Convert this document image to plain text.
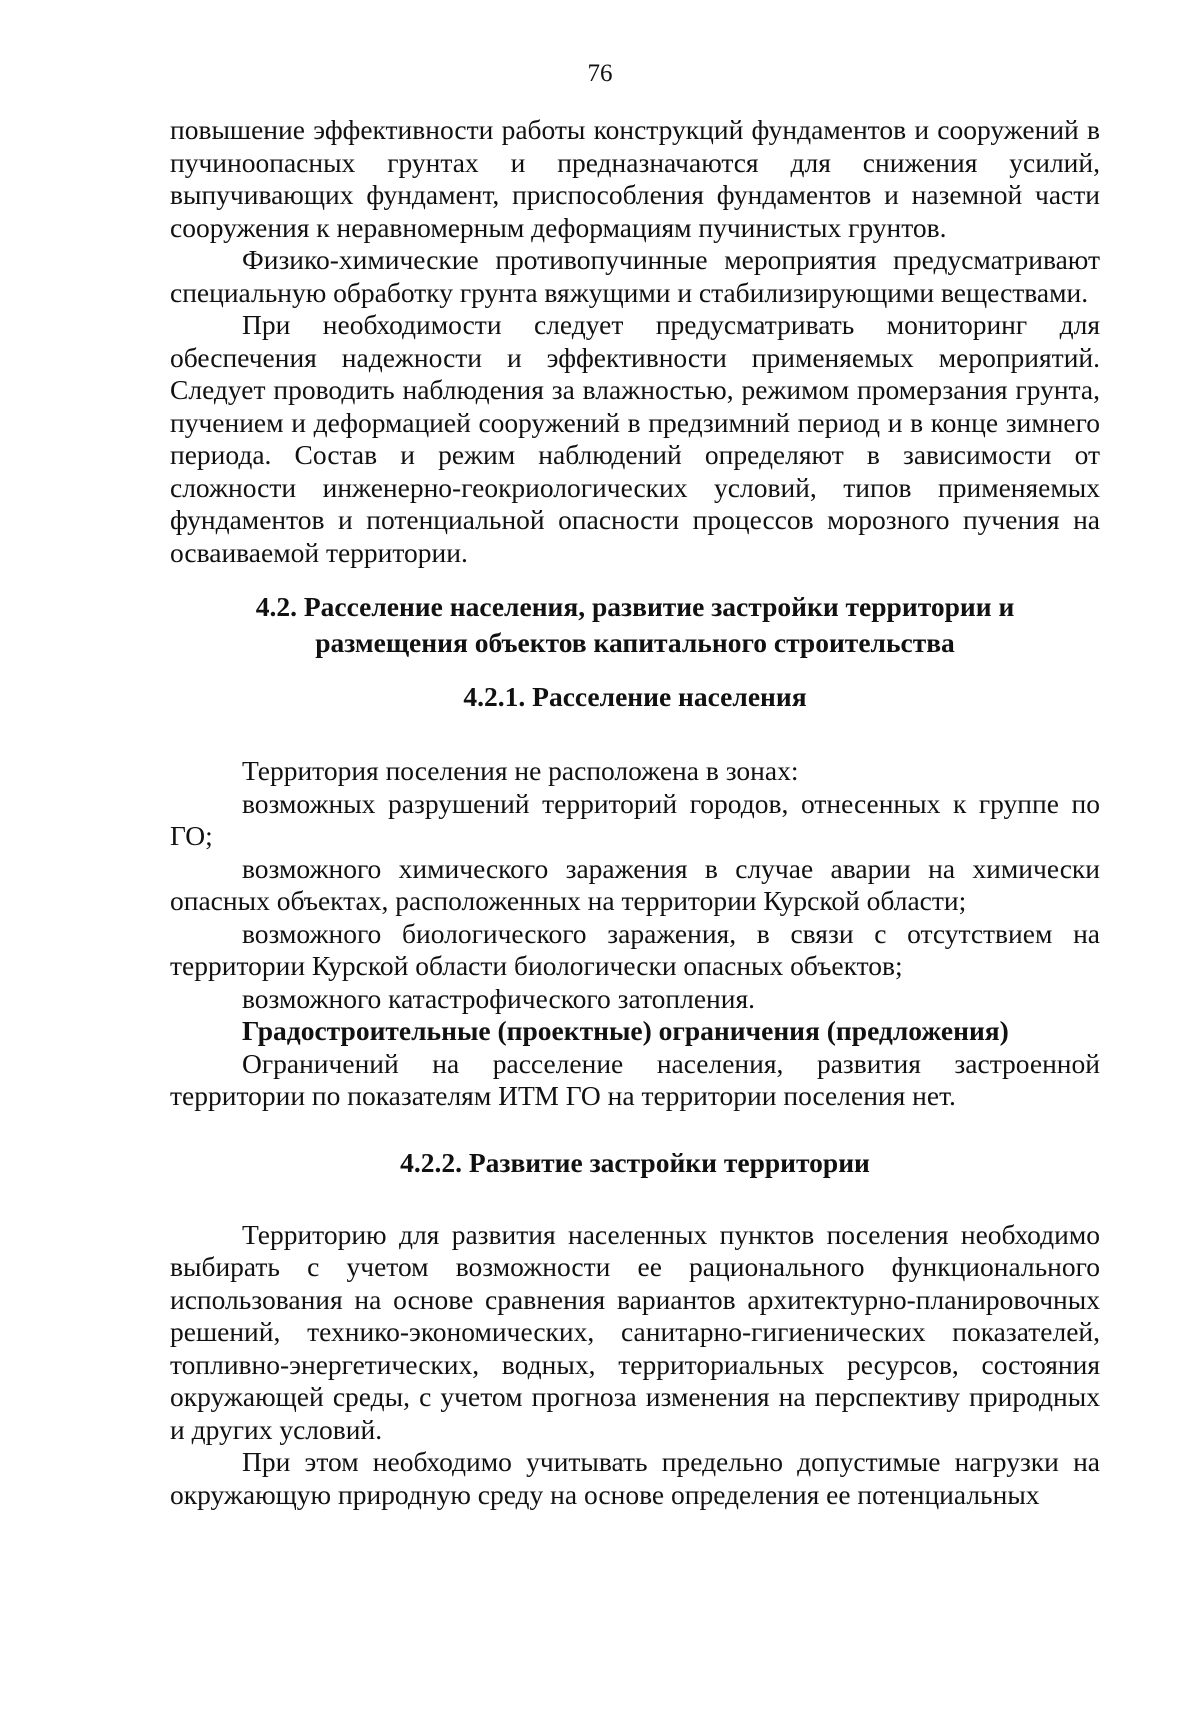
76

повышение эффективности работы конструкций фундаментов и сооружений в пучиноопасных грунтах и предназначаются для снижения усилий, выпучивающих фундамент, приспособления фундаментов и наземной части сооружения к неравномерным деформациям пучинистых грунтов.

Физико-химические противопучинные мероприятия предусматривают специальную обработку грунта вяжущими и стабилизирующими веществами.

При необходимости следует предусматривать мониторинг для обеспечения надежности и эффективности применяемых мероприятий. Следует проводить наблюдения за влажностью, режимом промерзания грунта, пучением и деформацией сооружений в предзимний период и в конце зимнего периода. Состав и режим наблюдений определяют в зависимости от сложности инженерно-геокриологических условий, типов применяемых фундаментов и потенциальной опасности процессов морозного пучения на осваиваемой территории.

4.2. Расселение населения, развитие застройки территории и
размещения объектов капитального строительства
4.2.1. Расселение населения

Территория поселения не расположена в зонах:

возможных разрушений территорий городов, отнесенных к группе по ГО;

возможного химического заражения в случае аварии на химически опасных объектах, расположенных на территории Курской области;

возможного биологического заражения, в связи с отсутствием на территории Курской области биологически опасных объектов;

возможного катастрофического затопления.

Градостроительные (проектные) ограничения (предложения)

Ограничений на расселение населения, развития застроенной территории по показателям ИТМ ГО на территории поселения нет.

4.2.2. Развитие застройки территории

Территорию для развития населенных пунктов поселения необходимо выбирать с учетом возможности ее рационального функционального использования на основе сравнения вариантов архитектурно-планировочных решений, технико-экономических, санитарно-гигиенических показателей, топливно-энергетических, водных, территориальных ресурсов, состояния окружающей среды, с учетом прогноза изменения на перспективу природных и других условий.

При этом необходимо учитывать предельно допустимые нагрузки на окружающую природную среду на основе определения ее потенциальных
